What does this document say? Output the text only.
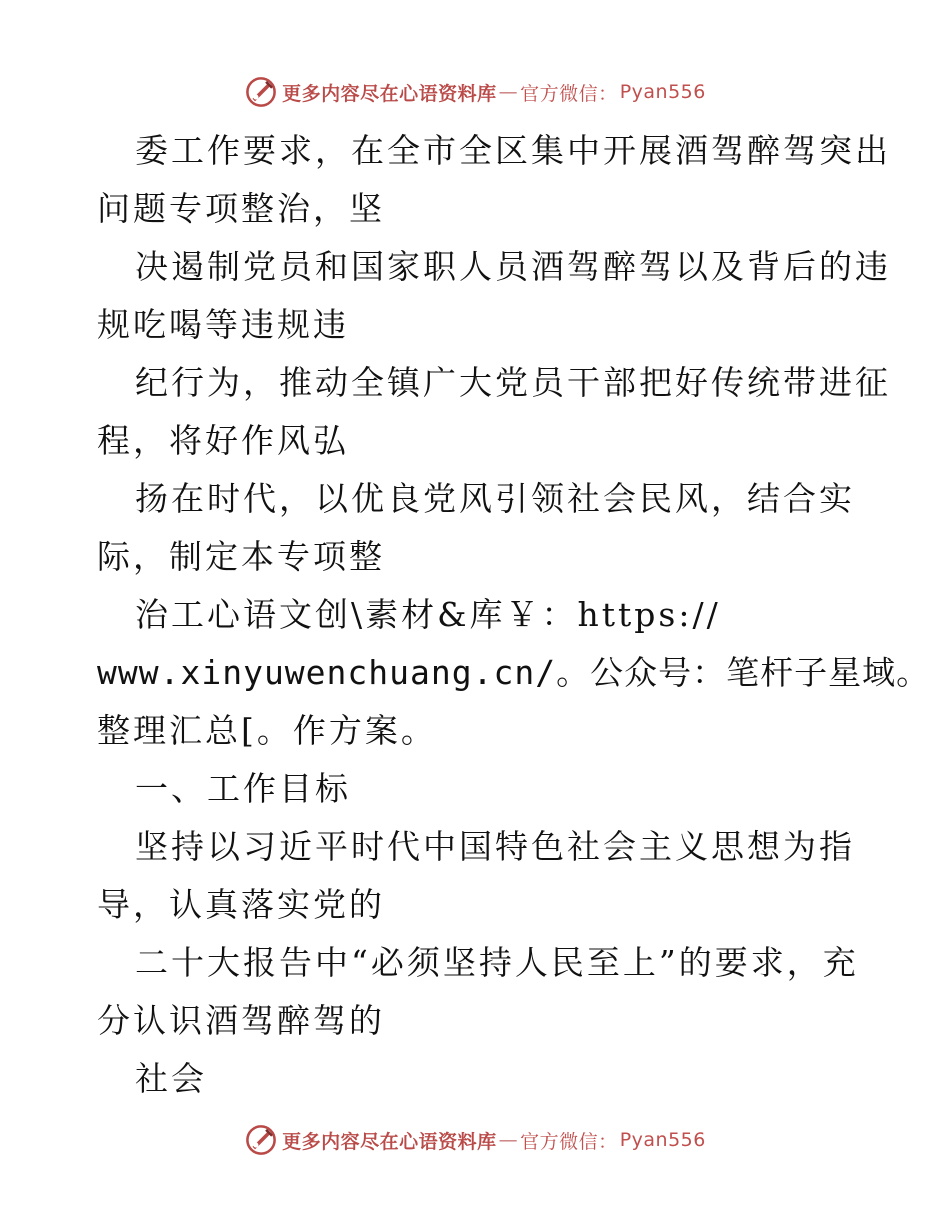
更多内容尽在心语资料库 — 官方微信： Pyan556
委工作要求，在全市全区集中开展酒驾醉驾突出
问题专项整治，坚
决遏制党员和国家职人员酒驾醉驾以及背后的违
规吃喝等违规违
纪行为，推动全镇广大党员干部把好传统带进征
程，将好作风弘
扬在时代，以优良党风引领社会民风，结合实
际，制定本专项整
治工心语文创\素材&库￥：https://
www.xinyuwenchuang.cn/。公众号：笔杆子星域。
整理汇总[。作方案。
一、工作目标
坚持以习近平时代中国特色社会主义思想为指
导，认真落实党的
二十大报告中“必须坚持人民至上”的要求，充
分认识酒驾醉驾的
社会
更多内容尽在心语资料库 — 官方微信： Pyan556
